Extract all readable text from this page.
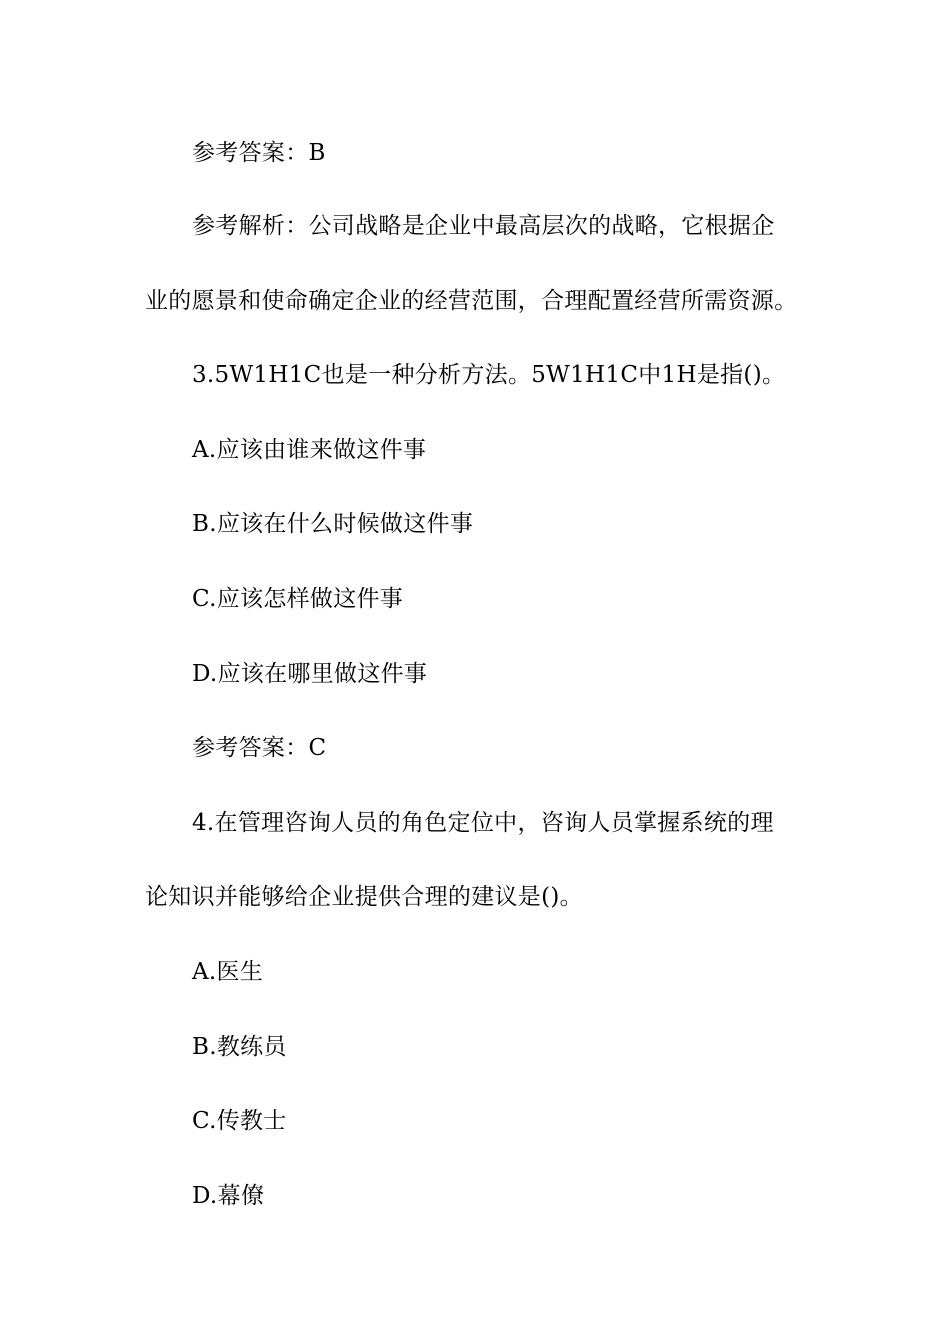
参考答案：B
参考解析：公司战略是企业中最高层次的战略，它根据企
业的愿景和使命确定企业的经营范围，合理配置经营所需资源。
3.5W1H1C也是一种分析方法。5W1H1C中1H是指()。
A.应该由谁来做这件事
B.应该在什么时候做这件事
C.应该怎样做这件事
D.应该在哪里做这件事
参考答案：C
4.在管理咨询人员的角色定位中，咨询人员掌握系统的理
论知识并能够给企业提供合理的建议是()。
A.医生
B.教练员
C.传教士
D.幕僚
